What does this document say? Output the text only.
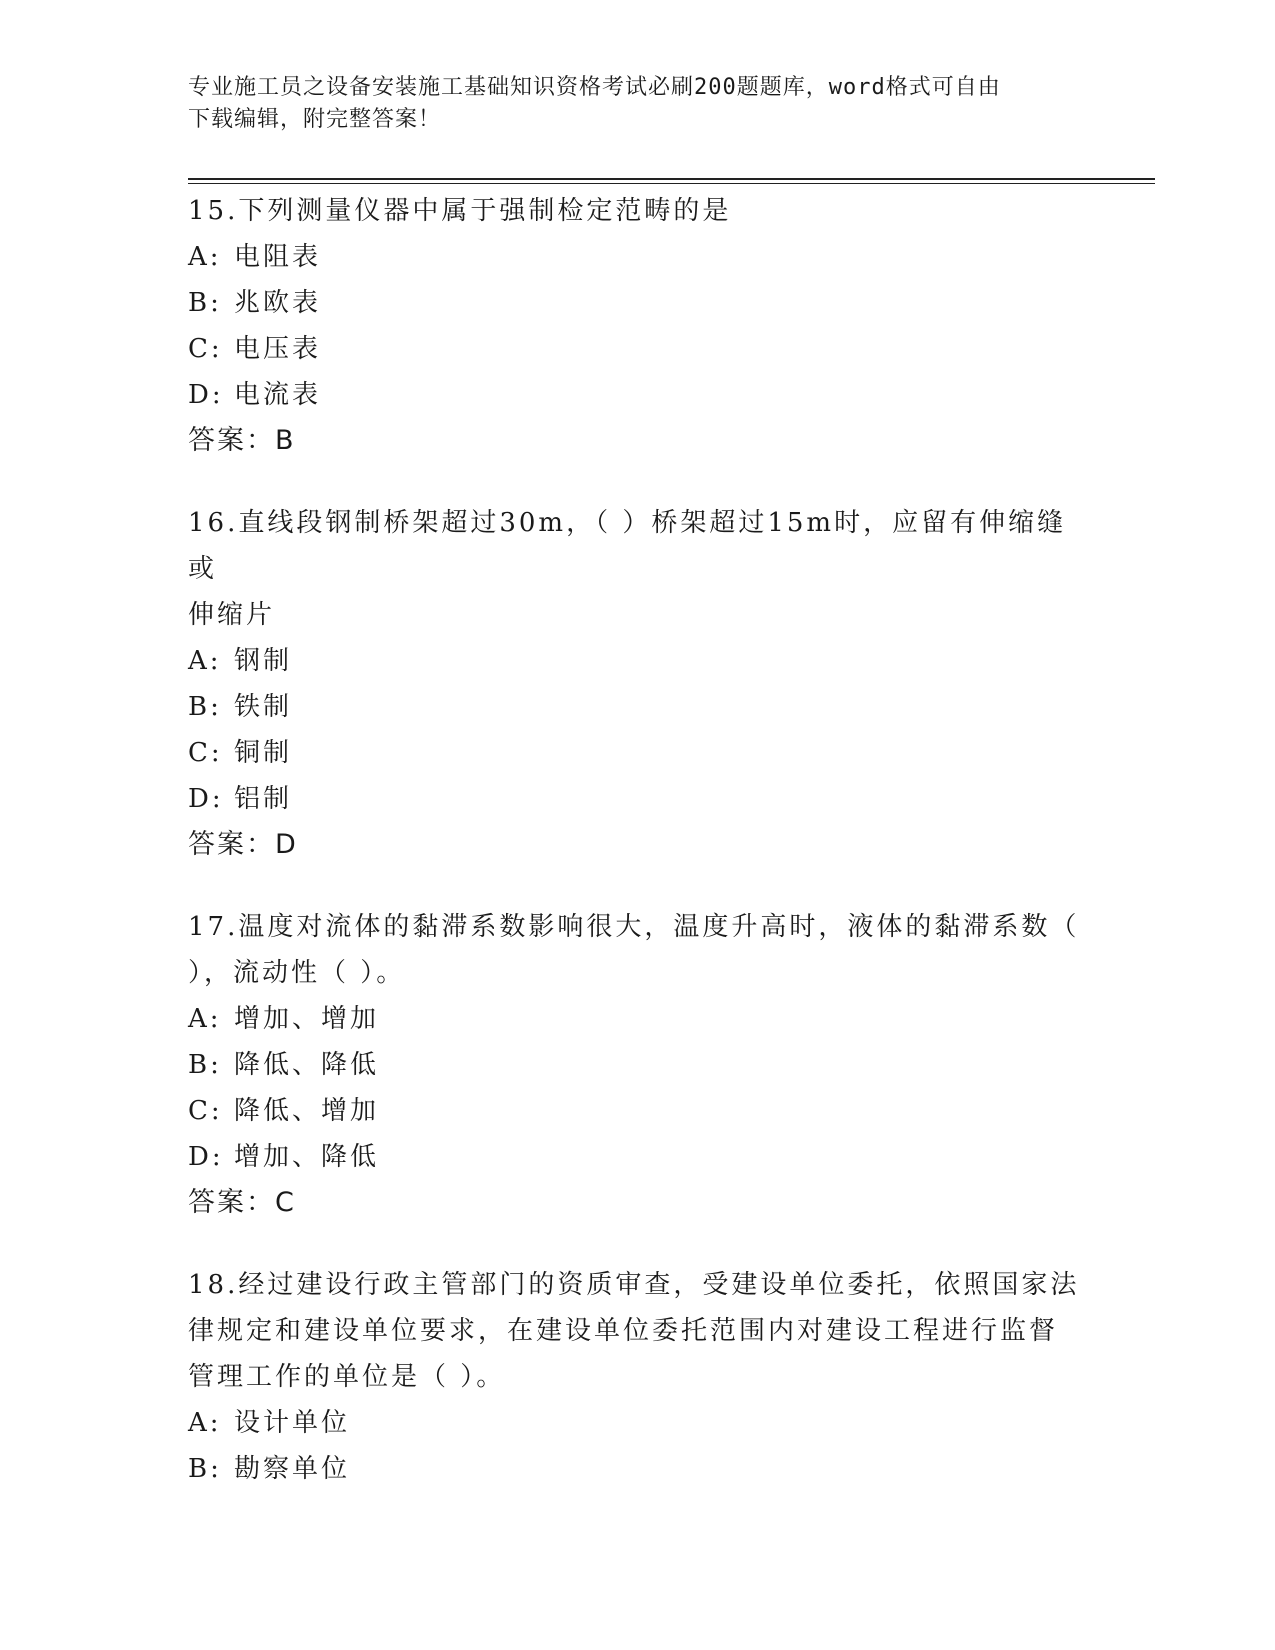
专业施工员之设备安装施工基础知识资格考试必刷200题题库，word格式可自由
下载编辑，附完整答案！
15.下列测量仪器中属于强制检定范畴的是
A: 电阻表
B: 兆欧表
C: 电压表
D: 电流表
答案：B
16.直线段钢制桥架超过30m，（ ）桥架超过15m时，应留有伸缩缝或
伸缩片
A: 钢制
B: 铁制
C: 铜制
D: 铝制
答案：D
17.温度对流体的黏滞系数影响很大，温度升高时，液体的黏滞系数（
），流动性（ ）。
A: 增加、增加
B: 降低、降低
C: 降低、增加
D: 增加、降低
答案：C
18.经过建设行政主管部门的资质审查，受建设单位委托，依照国家法
律规定和建设单位要求，在建设单位委托范围内对建设工程进行监督
管理工作的单位是（ ）。
A: 设计单位
B: 勘察单位
